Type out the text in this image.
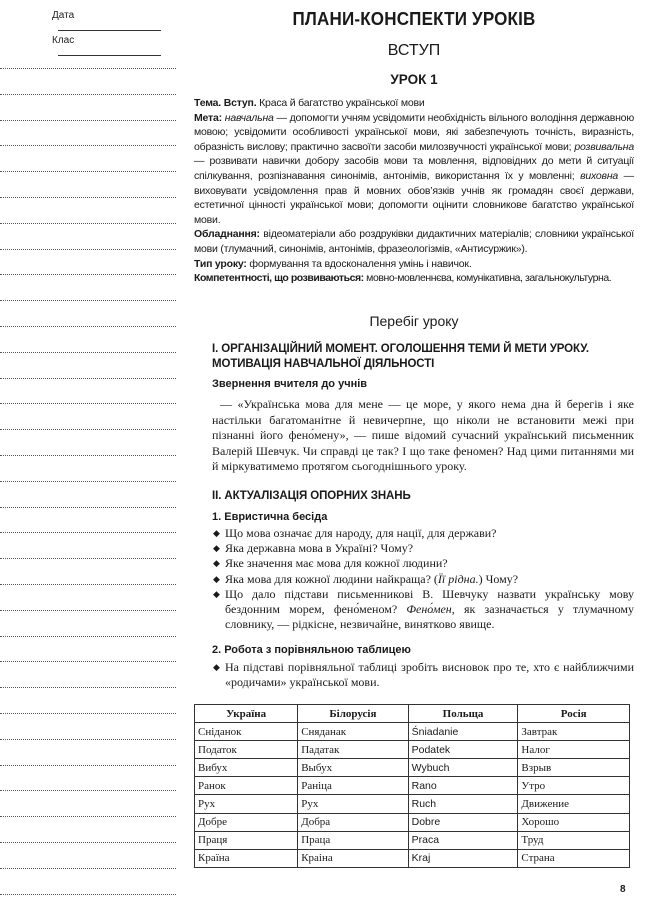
Дата
Клас
ПЛАНИ-КОНСПЕКТИ УРОКІВ
ВСТУП
УРОК 1

Тема. Вступ. Краса й багатство української мови

Мета: навчальна — допомогти учням усвідомити необхідність вільного володіння державною мовою; усвідомити особливості української мови, які забезпечують точність, виразність, образність вислову; практично засвоїти засоби милозвучності української мови; розвивальна — розвивати навички добору засобів мови та мовлення, відповідних до мети й ситуації спілкування, розпізнавання синонімів, антонімів, використання їх у мовленні; виховна — виховувати усвідомлення прав й мовних обов’язків учнів як громадян своєї держави, естетичної цінності української мови; допомогти оцінити словникове багатство української мови.

Обладнання: відеоматеріали або роздруківки дидактичних матеріалів; словники української мови (тлумачний, синонімів, антонімів, фразеологізмів, «Антисуржик»).

Тип уроку: формування та вдосконалення умінь і навичок.

Компетентності, що розвиваються: мовно-мовленнєва, комунікативна, загальнокультурна.

Перебіг уроку
І. ОРГАНІЗАЦІЙНИЙ МОМЕНТ. ОГОЛОШЕННЯ ТЕМИ Й МЕТИ УРОКУ. МОТИВАЦІЯ НАВЧАЛЬНОЇ ДІЯЛЬНОСТІ
Звернення вчителя до учнів

— «Українська мова для мене — це море, у якого нема дна й берегів і яке настільки багатоманітне й невичерпне, що ніколи не встановити межі при пізнанні його фено́мену», — пише відомий сучасний український письменник Валерій Шевчук. Чи справді це так? І що таке феномен? Над цими питаннями ми й міркуватимемо протягом сьогоднішнього уроку.

ІІ. АКТУАЛІЗАЦІЯ ОПОРНИХ ЗНАНЬ
1. Евристична бесіда
◆ Що мова означає для народу, для нації, для держави?
◆ Яка державна мова в Україні? Чому?
◆ Яке значення має мова для кожної людини?
◆ Яка мова для кожної людини найкраща? (Її рідна.) Чому?
◆ Що дало підстави письменникові В. Шевчуку назвати українську мову бездонним морем, фено́меном? Фено́мен, як зазначається у тлумачному словнику, — рідкісне, незвичайне, винятково явище.
2. Робота з порівняльною таблицею
◆ На підставі порівняльної таблиці зробіть висновок про те, хто є найближчими «родичами» української мови.
Україна	Білорусія	Польща	Росія
Сніданок	Сняданак	Śniadanie	Завтрак
Податок	Падатак	Podatek	Налог
Вибух	Выбух	Wybuch	Взрыв
Ранок	Раніца	Rano	Утро
Рух	Рух	Ruch	Движение
Добре	Добра	Dobre	Хорошо
Праця	Праца	Praca	Труд
Країна	Краіна	Kraj	Страна
8
